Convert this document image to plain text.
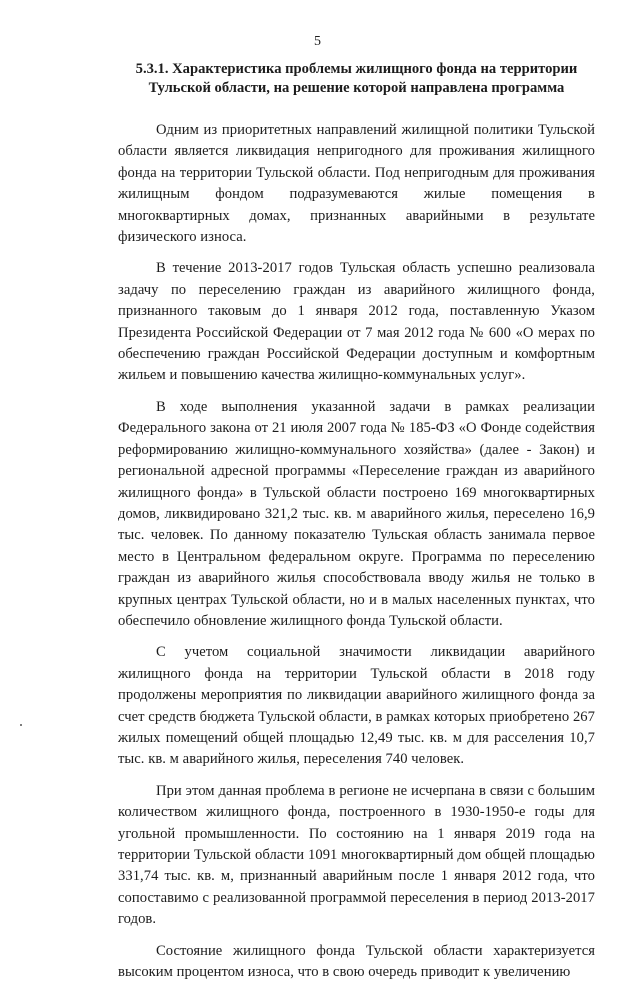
5
5.3.1. Характеристика проблемы жилищного фонда на территории Тульской области, на решение которой направлена программа

Одним из приоритетных направлений жилищной политики Тульской области является ликвидация непригодного для проживания жилищного фонда на территории Тульской области. Под непригодным для проживания жилищным фондом подразумеваются жилые помещения в многоквартирных домах, признанных аварийными в результате физического износа.

В течение 2013-2017 годов Тульская область успешно реализовала задачу по переселению граждан из аварийного жилищного фонда, признанного таковым до 1 января 2012 года, поставленную Указом Президента Российской Федерации от 7 мая 2012 года № 600 «О мерах по обеспечению граждан Российской Федерации доступным и комфортным жильем и повышению качества жилищно-коммунальных услуг».

В ходе выполнения указанной задачи в рамках реализации Федерального закона от 21 июля 2007 года № 185-ФЗ «О Фонде содействия реформированию жилищно-коммунального хозяйства» (далее - Закон) и региональной адресной программы «Переселение граждан из аварийного жилищного фонда» в Тульской области построено 169 многоквартирных домов, ликвидировано 321,2 тыс. кв. м аварийного жилья, переселено 16,9 тыс. человек. По данному показателю Тульская область занимала первое место в Центральном федеральном округе. Программа по переселению граждан из аварийного жилья способствовала вводу жилья не только в крупных центрах Тульской области, но и в малых населенных пунктах, что обеспечило обновление жилищного фонда Тульской области.

С учетом социальной значимости ликвидации аварийного жилищного фонда на территории Тульской области в 2018 году продолжены мероприятия по ликвидации аварийного жилищного фонда за счет средств бюджета Тульской области, в рамках которых приобретено 267 жилых помещений общей площадью 12,49 тыс. кв. м для расселения 10,7 тыс. кв. м аварийного жилья, переселения 740 человек.

При этом данная проблема в регионе не исчерпана в связи с большим количеством жилищного фонда, построенного в 1930-1950-е годы для угольной промышленности. По состоянию на 1 января 2019 года на территории Тульской области 1091 многоквартирный дом общей площадью 331,74 тыс. кв. м, признанный аварийным после 1 января 2012 года, что сопоставимо с реализованной программой переселения в период 2013-2017 годов.

Состояние жилищного фонда Тульской области характеризуется высоким процентом износа, что в свою очередь приводит к увеличению
